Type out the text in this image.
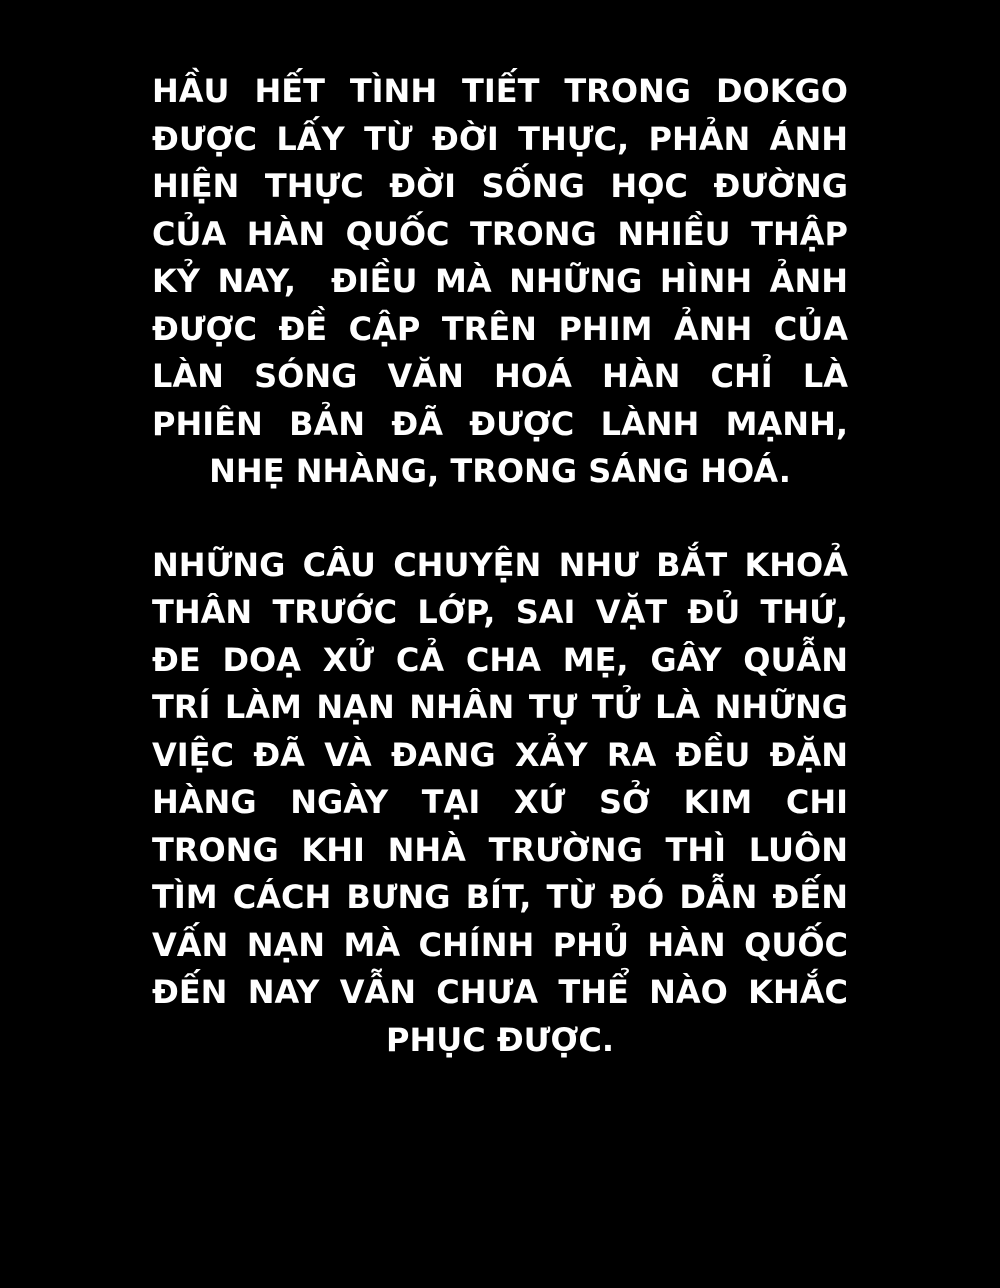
HẦU HẾT TÌNH TIẾT TRONG DOKGO
ĐƯỢC LẤY TỪ ĐỜI THỰC, PHẢN ÁNH
HIỆN THỰC ĐỜI SỐNG HỌC ĐƯỜNG
CỦA HÀN QUỐC TRONG NHIỀU THẬP
KỶ NAY,  ĐIỀU MÀ NHỮNG HÌNH ẢNH
ĐƯỢC ĐỀ CẬP TRÊN PHIM ẢNH CỦA
LÀN SÓNG VĂN HOÁ HÀN CHỈ LÀ
PHIÊN BẢN ĐÃ ĐƯỢC LÀNH MẠNH,
NHẸ NHÀNG, TRONG SÁNG HOÁ.
NHỮNG CÂU CHUYỆN NHƯ BẮT KHOẢ
THÂN TRƯỚC LỚP, SAI VẶT ĐỦ THỨ,
ĐE DOẠ XỬ CẢ CHA MẸ, GÂY QUẪN
TRÍ LÀM NẠN NHÂN TỰ TỬ LÀ NHỮNG
VIỆC ĐÃ VÀ ĐANG XẢY RA ĐỀU ĐẶN
HÀNG NGÀY TẠI XỨ SỞ KIM CHI
TRONG KHI NHÀ TRƯỜNG THÌ LUÔN
TÌM CÁCH BƯNG BÍT, TỪ ĐÓ DẪN ĐẾN
VẤN NẠN MÀ CHÍNH PHỦ HÀN QUỐC
ĐẾN NAY VẪN CHƯA THỂ NÀO KHẮC
PHỤC ĐƯỢC.
